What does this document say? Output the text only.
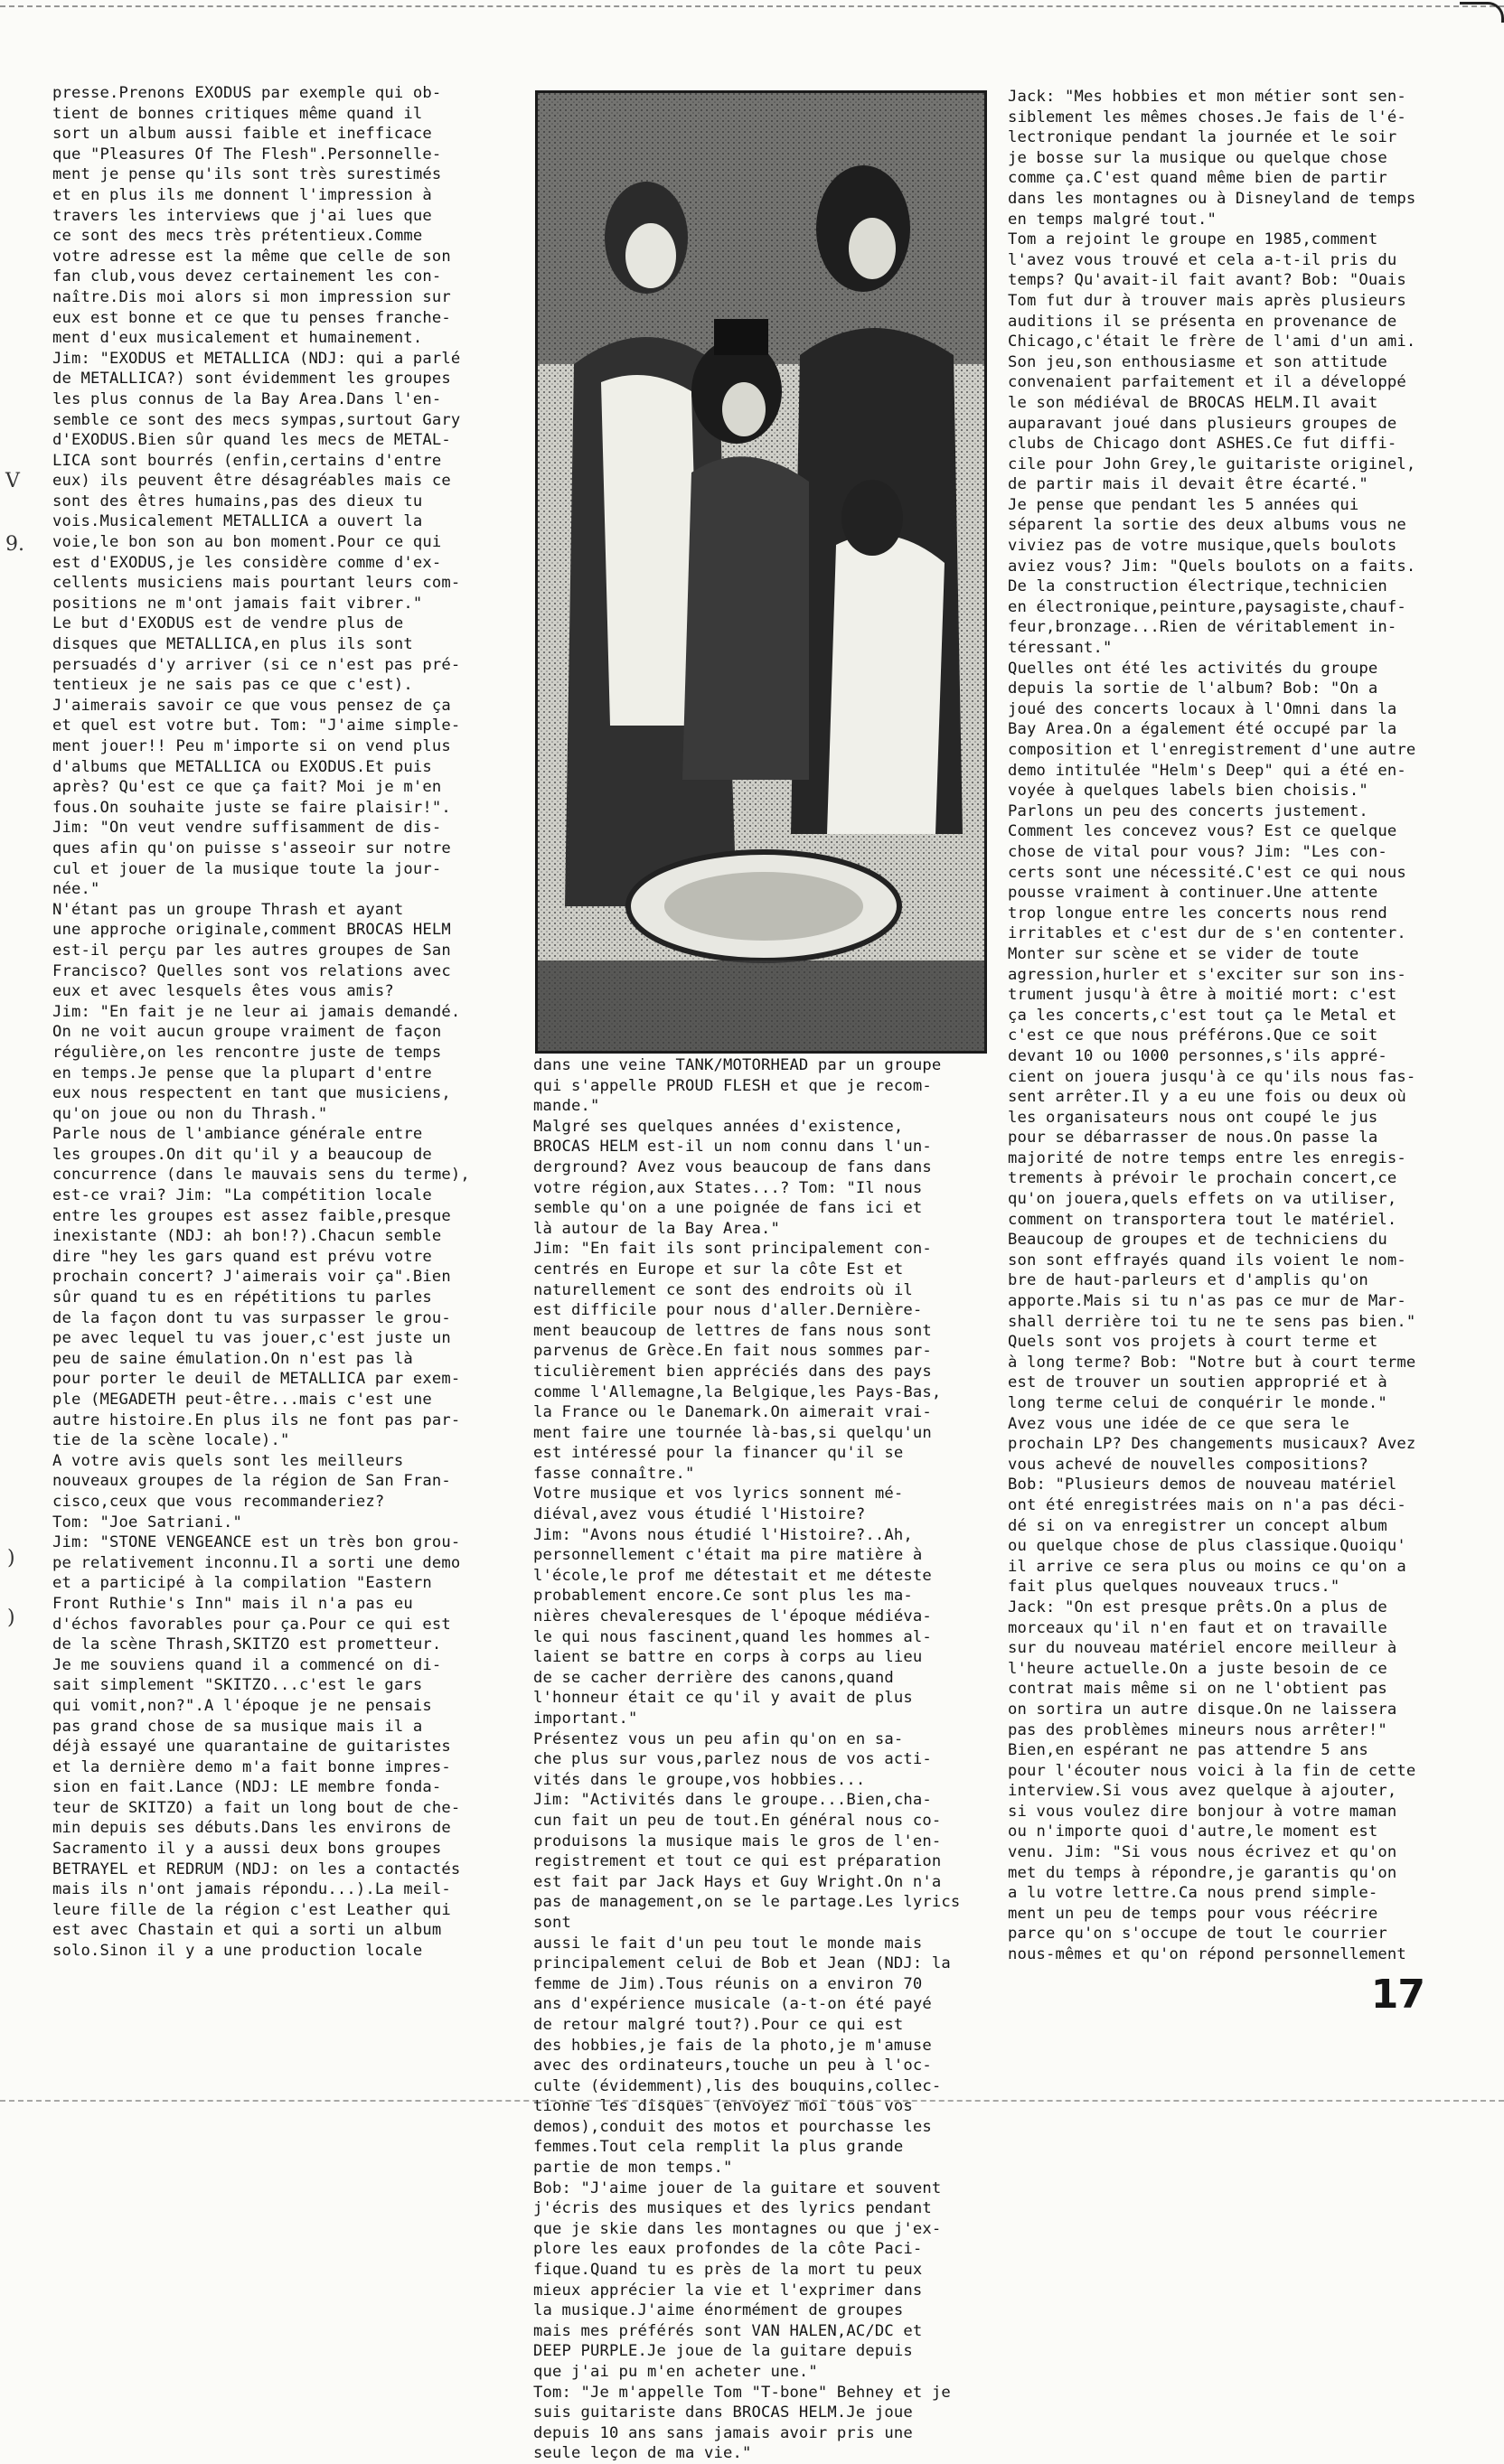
V
9.
)
)

presse.Prenons EXODUS par exemple qui ob-
tient de bonnes critiques même quand il
sort un album aussi faible et inefficace
que "Pleasures Of The Flesh".Personnelle-
ment je pense qu'ils sont très surestimés
et en plus ils me donnent l'impression à
travers les interviews que j'ai lues que
ce sont des mecs très prétentieux.Comme
votre adresse est la même que celle de son
fan club,vous devez certainement les con-
naître.Dis moi alors si mon impression sur
eux est bonne et ce que tu penses franche-
ment d'eux musicalement et humainement.
Jim: "EXODUS et METALLICA (NDJ: qui a parlé
de METALLICA?) sont évidemment les groupes
les plus connus de la Bay Area.Dans l'en-
semble ce sont des mecs sympas,surtout Gary
d'EXODUS.Bien sûr quand les mecs de METAL-
LICA sont bourrés (enfin,certains d'entre
eux) ils peuvent être désagréables mais ce
sont des êtres humains,pas des dieux tu
vois.Musicalement METALLICA a ouvert la
voie,le bon son au bon moment.Pour ce qui
est d'EXODUS,je les considère comme d'ex-
cellents musiciens mais pourtant leurs com-
positions ne m'ont jamais fait vibrer."

Le but d'EXODUS est de vendre plus de
disques que METALLICA,en plus ils sont
persuadés d'y arriver (si ce n'est pas pré-
tentieux je ne sais pas ce que c'est).
J'aimerais savoir ce que vous pensez de ça
et quel est votre but. Tom: "J'aime simple-
ment jouer!! Peu m'importe si on vend plus
d'albums que METALLICA ou EXODUS.Et puis
après? Qu'est ce que ça fait? Moi je m'en
fous.On souhaite juste se faire plaisir!".
Jim: "On veut vendre suffisamment de dis-
ques afin qu'on puisse s'asseoir sur notre
cul et jouer de la musique toute la jour-
née."

N'étant pas un groupe Thrash et ayant
une approche originale,comment BROCAS HELM
est-il perçu par les autres groupes de San
Francisco? Quelles sont vos relations avec
eux et avec lesquels êtes vous amis?
Jim: "En fait je ne leur ai jamais demandé.
On ne voit aucun groupe vraiment de façon
régulière,on les rencontre juste de temps
en temps.Je pense que la plupart d'entre
eux nous respectent en tant que musiciens,
qu'on joue ou non du Thrash."

Parle nous de l'ambiance générale entre
les groupes.On dit qu'il y a beaucoup de
concurrence (dans le mauvais sens du terme),
est-ce vrai? Jim: "La compétition locale
entre les groupes est assez faible,presque
inexistante (NDJ: ah bon!?).Chacun semble
dire "hey les gars quand est prévu votre
prochain concert? J'aimerais voir ça".Bien
sûr quand tu es en répétitions tu parles
de la façon dont tu vas surpasser le grou-
pe avec lequel tu vas jouer,c'est juste un
peu de saine émulation.On n'est pas là
pour porter le deuil de METALLICA par exem-
ple (MEGADETH peut-être...mais c'est une
autre histoire.En plus ils ne font pas par-
tie de la scène locale)."

A votre avis quels sont les meilleurs
nouveaux groupes de la région de San Fran-
cisco,ceux que vous recommanderiez?
Tom: "Joe Satriani."
Jim: "STONE VENGEANCE est un très bon grou-
pe relativement inconnu.Il a sorti une demo
et a participé à la compilation "Eastern
Front Ruthie's Inn" mais il n'a pas eu
d'échos favorables pour ça.Pour ce qui est
de la scène Thrash,SKITZO est prometteur.
Je me souviens quand il a commencé on di-
sait simplement "SKITZO...c'est le gars
qui vomit,non?".A l'époque je ne pensais
pas grand chose de sa musique mais il a
déjà essayé une quarantaine de guitaristes
et la dernière demo m'a fait bonne impres-
sion en fait.Lance (NDJ: LE membre fonda-
teur de SKITZO) a fait un long bout de che-
min depuis ses débuts.Dans les environs de
Sacramento il y a aussi deux bons groupes
BETRAYEL et REDRUM (NDJ: on les a contactés
mais ils n'ont jamais répondu...).La meil-
leure fille de la région c'est Leather qui
est avec Chastain et qui a sorti un album
solo.Sinon il y a une production locale

dans une veine TANK/MOTORHEAD par un groupe
qui s'appelle PROUD FLESH et que je recom-
mande."

Malgré ses quelques années d'existence,
BROCAS HELM est-il un nom connu dans l'un-
derground? Avez vous beaucoup de fans dans
votre région,aux States...? Tom: "Il nous
semble qu'on a une poignée de fans ici et
là autour de la Bay Area."
Jim: "En fait ils sont principalement con-
centrés en Europe et sur la côte Est et
naturellement ce sont des endroits où il
est difficile pour nous d'aller.Dernière-
ment beaucoup de lettres de fans nous sont
parvenus de Grèce.En fait nous sommes par-
ticulièrement bien appréciés dans des pays
comme l'Allemagne,la Belgique,les Pays-Bas,
la France ou le Danemark.On aimerait vrai-
ment faire une tournée là-bas,si quelqu'un
est intéressé pour la financer qu'il se
fasse connaître."

Votre musique et vos lyrics sonnent mé-
diéval,avez vous étudié l'Histoire?
Jim: "Avons nous étudié l'Histoire?..Ah,
personnellement c'était ma pire matière à
l'école,le prof me détestait et me déteste
probablement encore.Ce sont plus les ma-
nières chevaleresques de l'époque médiéva-
le qui nous fascinent,quand les hommes al-
laient se battre en corps à corps au lieu
de se cacher derrière des canons,quand
l'honneur était ce qu'il y avait de plus
important."

Présentez vous un peu afin qu'on en sa-
che plus sur vous,parlez nous de vos acti-
vités dans le groupe,vos hobbies...
Jim: "Activités dans le groupe...Bien,cha-
cun fait un peu de tout.En général nous co-
produisons la musique mais le gros de l'en-
registrement et tout ce qui est préparation
est fait par Jack Hays et Guy Wright.On n'a
pas de management,on se le partage.Les lyrics sont
aussi le fait d'un peu tout le monde mais
principalement celui de Bob et Jean (NDJ: la
femme de Jim).Tous réunis on a environ 70
ans d'expérience musicale (a-t-on été payé
de retour malgré tout?).Pour ce qui est
des hobbies,je fais de la photo,je m'amuse
avec des ordinateurs,touche un peu à l'oc-
culte (évidemment),lis des bouquins,collec-
tionne les disques (envoyez moi tous vos
demos),conduit des motos et pourchasse les
femmes.Tout cela remplit la plus grande
partie de mon temps."
Bob: "J'aime jouer de la guitare et souvent
j'écris des musiques et des lyrics pendant
que je skie dans les montagnes ou que j'ex-
plore les eaux profondes de la côte Paci-
fique.Quand tu es près de la mort tu peux
mieux apprécier la vie et l'exprimer dans
la musique.J'aime énormément de groupes
mais mes préférés sont VAN HALEN,AC/DC et
DEEP PURPLE.Je joue de la guitare depuis
que j'ai pu m'en acheter une."
Tom: "Je m'appelle Tom "T-bone" Behney et je
suis guitariste dans BROCAS HELM.Je joue
depuis 10 ans sans jamais avoir pris une
seule leçon de ma vie."

Jack: "Mes hobbies et mon métier sont sen-
siblement les mêmes choses.Je fais de l'é-
lectronique pendant la journée et le soir
je bosse sur la musique ou quelque chose
comme ça.C'est quand même bien de partir
dans les montagnes ou à Disneyland de temps
en temps malgré tout."

Tom a rejoint le groupe en 1985,comment
l'avez vous trouvé et cela a-t-il pris du
temps? Qu'avait-il fait avant? Bob: "Ouais
Tom fut dur à trouver mais après plusieurs
auditions il se présenta en provenance de
Chicago,c'était le frère de l'ami d'un ami.
Son jeu,son enthousiasme et son attitude
convenaient parfaitement et il a développé
le son médiéval de BROCAS HELM.Il avait
auparavant joué dans plusieurs groupes de
clubs de Chicago dont ASHES.Ce fut diffi-
cile pour John Grey,le guitariste originel,
de partir mais il devait être écarté."

Je pense que pendant les 5 années qui
séparent la sortie des deux albums vous ne
viviez pas de votre musique,quels boulots
aviez vous? Jim: "Quels boulots on a faits.
De la construction électrique,technicien
en électronique,peinture,paysagiste,chauf-
feur,bronzage...Rien de véritablement in-
téressant."

Quelles ont été les activités du groupe
depuis la sortie de l'album? Bob: "On a
joué des concerts locaux à l'Omni dans la
Bay Area.On a également été occupé par la
composition et l'enregistrement d'une autre
demo intitulée "Helm's Deep" qui a été en-
voyée à quelques labels bien choisis."

Parlons un peu des concerts justement.
Comment les concevez vous? Est ce quelque
chose de vital pour vous? Jim: "Les con-
certs sont une nécessité.C'est ce qui nous
pousse vraiment à continuer.Une attente
trop longue entre les concerts nous rend
irritables et c'est dur de s'en contenter.
Monter sur scène et se vider de toute
agression,hurler et s'exciter sur son ins-
trument jusqu'à être à moitié mort: c'est
ça les concerts,c'est tout ça le Metal et
c'est ce que nous préférons.Que ce soit
devant 10 ou 1000 personnes,s'ils appré-
cient on jouera jusqu'à ce qu'ils nous fas-
sent arrêter.Il y a eu une fois ou deux où
les organisateurs nous ont coupé le jus
pour se débarrasser de nous.On passe la
majorité de notre temps entre les enregis-
trements à prévoir le prochain concert,ce
qu'on jouera,quels effets on va utiliser,
comment on transportera tout le matériel.
Beaucoup de groupes et de techniciens du
son sont effrayés quand ils voient le nom-
bre de haut-parleurs et d'amplis qu'on
apporte.Mais si tu n'as pas ce mur de Mar-
shall derrière toi tu ne te sens pas bien."

Quels sont vos projets à court terme et
à long terme? Bob: "Notre but à court terme
est de trouver un soutien approprié et à
long terme celui de conquérir le monde."

Avez vous une idée de ce que sera le
prochain LP? Des changements musicaux? Avez
vous achevé de nouvelles compositions?
Bob: "Plusieurs demos de nouveau matériel
ont été enregistrées mais on n'a pas déci-
dé si on va enregistrer un concept album
ou quelque chose de plus classique.Quoiqu'
il arrive ce sera plus ou moins ce qu'on a
fait plus quelques nouveaux trucs."
Jack: "On est presque prêts.On a plus de
morceaux qu'il n'en faut et on travaille
sur du nouveau matériel encore meilleur à
l'heure actuelle.On a juste besoin de ce
contrat mais même si on ne l'obtient pas
on sortira un autre disque.On ne laissera
pas des problèmes mineurs nous arrêter!"

Bien,en espérant ne pas attendre 5 ans
pour l'écouter nous voici à la fin de cette
interview.Si vous avez quelque à ajouter,
si vous voulez dire bonjour à votre maman
ou n'importe quoi d'autre,le moment est
venu. Jim: "Si vous nous écrivez et qu'on
met du temps à répondre,je garantis qu'on
a lu votre lettre.Ca nous prend simple-
ment un peu de temps pour vous réécrire
parce qu'on s'occupe de tout le courrier
nous-mêmes et qu'on répond personnellement

17
